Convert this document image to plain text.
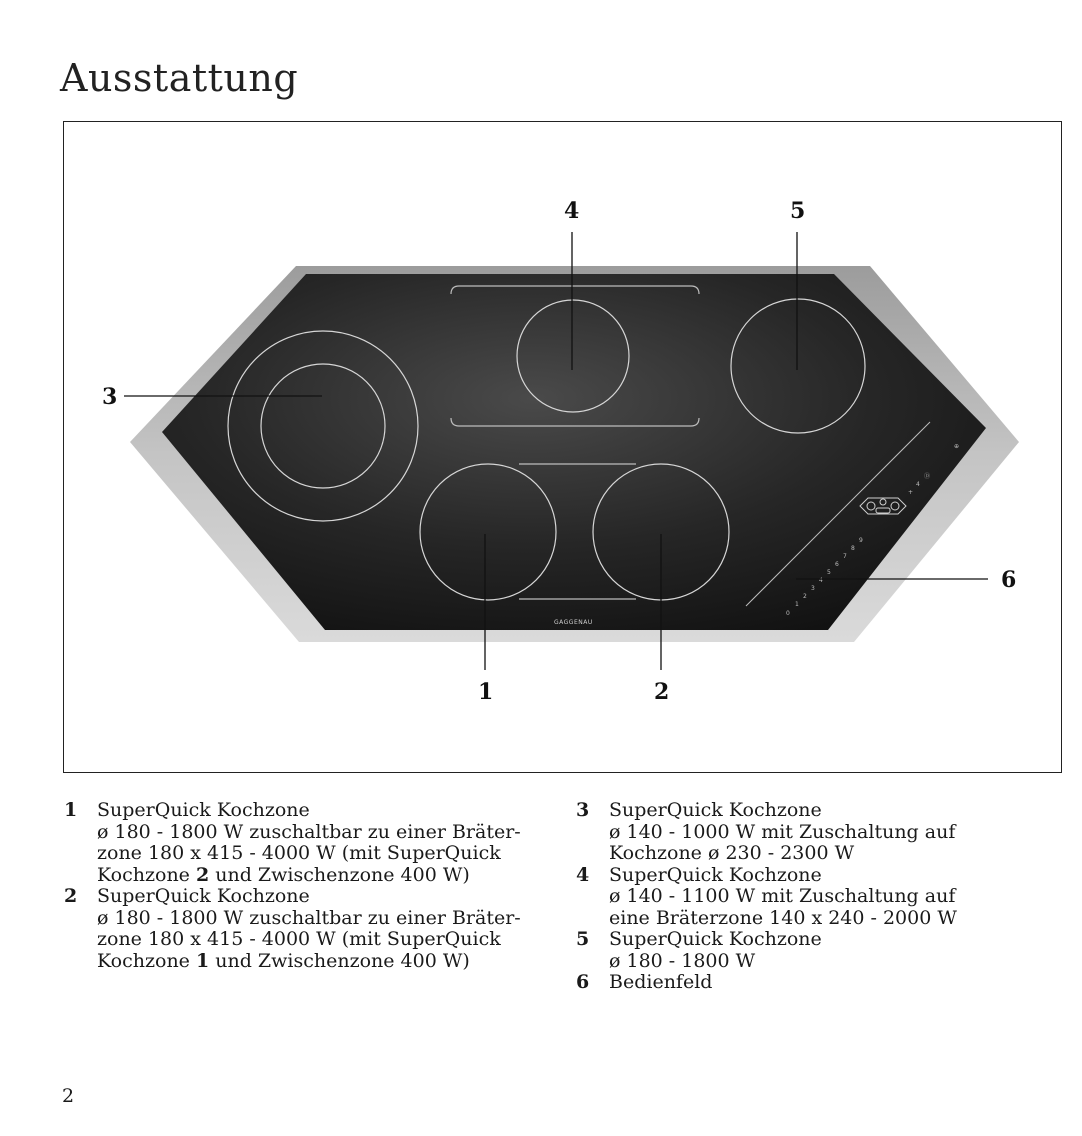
Ausstattung
GAGGENAU
0
1
2
3
4
5
6
7
8
9
+
4
Ⓓ
⊕
1	2
3
4	5
6
1	SuperQuick Kochzone
ø 180 - 1800 W zuschaltbar zu einer Bräter-
zone 180 x 415 - 4000 W (mit SuperQuick
Kochzone 2 und Zwischenzone 400 W)
2	SuperQuick Kochzone
ø 180 - 1800 W zuschaltbar zu einer Bräter-
zone 180 x 415 - 4000 W (mit SuperQuick
Kochzone 1 und Zwischenzone 400 W)
3	SuperQuick Kochzone
ø 140 - 1000 W mit Zuschaltung auf
Kochzone ø 230 - 2300 W
4	SuperQuick Kochzone
ø 140 - 1100 W mit Zuschaltung auf
eine Bräterzone 140 x 240 - 2000 W
5	SuperQuick Kochzone
ø 180 - 1800 W
6	Bedienfeld
2
